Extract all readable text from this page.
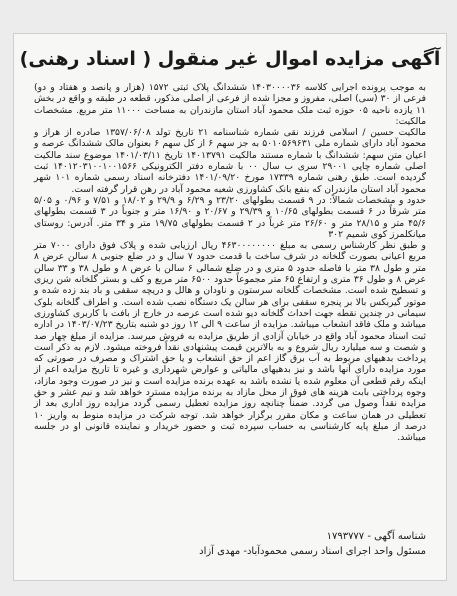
آگهی مزایده اموال غیر منقول ( اسناد رهنی)

به موجب پرونده اجرایی کلاسه ۱۴۰۳۰۰۰۰۳۶ ششدانگ پلاک ثبتی ۱۵۷۲ (هزار و پانصد و هفتاد و دو) فرعی از ۳۰ (سی) اصلی، مفروز و مجزا شده از فرعی از اصلی مذکور، قطعه در طبقه و واقع در بخش ۱۱ یازده ناحیه ۰۵ حوزه ثبت ملک محمود آباد استان مازندران به مساحت ۱۱۰۰۰ متر مربع. مشخصات مالکیت:

مالکیت حسین / اسلامی فرزند نقی شماره شناسنامه ۲۱ تاریخ تولد ۱۳۵۷/۰۶/۰۸ صادره از هراز و محمود آباد دارای شماره ملی ۵۰۱۰۵۶۹۶۳۱ به جز سهم ۶ از کل سهم ۶ بعنوان مالک ششدانگ عرصه و اعیان متن سهم: ششدانگ با شماره مستند مالکیت ۱۴۰۱۳۷۹۱ تاریخ ۱۴۰۱/۰۳/۱۱ موضوع سند مالکیت اصلی شماره چاپی ۲۹۰۰۱ سری ب سال ۰۰ با شماره دفتر الکترونیکی ۱۴۰۱۲۰۳۱۰۰۱۰۰۱۵۶۶ ثبت گردیده است. طبق رهنی شماره ۱۷۳۳۹ مورخ ۱۴۰۱/۰۹/۲۰ دفترخانه اسناد رسمی شماره ۱۰۱ شهر محمود آباد استان مازندران که بنفع بانک کشاورزی شعبه محمود آباد در رهن قرار گرفته است.

حدود و مشخصات شمالاً: در ۹ قسمت بطولهای ۲۳/۲۰ و ۶/۲۹ و ۲۹/۹ و ۱۸/۰۲ و ۷/۵۱ و ۰/۹۶ و ۵/۰۵ متر شرقاً در ۶ قسمت بطولهای ۱۰/۶۵ و ۲۹/۳۹ و ۲۰/۶۷ و ۱۶/۹۰ متر و جنوباً در ۳ قسمت بطولهای ۴۵/۶ متر و ۲۸/۱۵ متر و ۲۶/۶۰ متر غرباً در ۲ قسمت بطولهای ۱۹/۷۵ متر و ۳۴ متر. آدرس: روستای میانکلمرز کوی شمیم ۳۰۲

و طبق نظر کارشناس رسمی به مبلغ ۴۶۳۰۰۰۰۰۰۰۰ ریال ارزیابی شده و پلاک فوق دارای ۷۰۰۰ متر مربع اعیانی بصورت گلخانه در شرف ساخت با قدمت حدود ۷ سال و در ضلع جنوبی ۸ سالن عرض ۸ متر و طول ۳۸ متر با فاصله حدود ۵ متری و در ضلع شمالی ۶ سالن با عرض ۸ و طول ۳۸ و ۳۳ سالن عرض ۸ و طول ۳۶ متری و ارتفاع ۶۵ متر مجموعاً حدود ۶۵۰۰ متر مربع و کف و بستر گلخانه شن ریزی و تسطیح شده است. مشخصات گلخانه سرستون و ناودان و هالل و دریچه سقفی و باد بند زده شده و موتور گیربکس بالا بر پنجره سقفی برای هر سالن یک دستگاه نصب شده است. و اطراف گلخانه بلوک سیمانی در چندین نقطه جهت احداث گلخانه دیو شده است عرصه در خارج از بافت با کاربری کشاورزی میباشد و ملک فاقد انشعاب میباشد. مزایده از ساعت ۹ الی ۱۲ روز دو شنبه بتاریخ ۱۴۰۳/۰۷/۲۳ در اداره ثبت اسناد محمود آباد واقع در خیابان آزادی از طریق مزایده به فروش میرسد. مزایده از مبلغ چهار صد و شصت و سه میلیارد ریال شروع و به بالاترین قیمت پیشنهادی نقداً فروخته میشود. لازم به ذکر است پرداخت بدهیهای مربوط به آب برق گاز اعم از حق انشعاب و یا حق اشتراک و مصرف در صورتی که مورد مزایده دارای آنها باشد و نیز بدهیهای مالیاتی و عوارض شهرداری و غیره تا تاریخ مزایده اعم از اینکه رقم قطعی آن معلوم شده یا نشده باشد به عهده برنده مزایده است و نیز در صورت وجود مازاد، وجوه پرداختی بابت هزینه های فوق از محل مازاد به برنده مزایده مسترد خواهد شد و نیم عشر و حق مزایده نقداً وصول می گردد. ضمناً چنانچه روز مزایده تعطیل رسمی گردد مزایده روز اداری بعد از تعطیلی در همان ساعت و مکان مقرر برگزار خواهد شد. توجه شرکت در مزایده منوط به واریز ۱۰ درصد از مبلغ پایه کارشناسی به حساب سپرده ثبت و حضور خریدار و نماینده قانونی او در جلسه میباشد.

شناسه آگهی - ۱۷۹۳۷۷۷
مسئول واحد اجرای اسناد رسمی محمودآباد- مهدی آزاد
